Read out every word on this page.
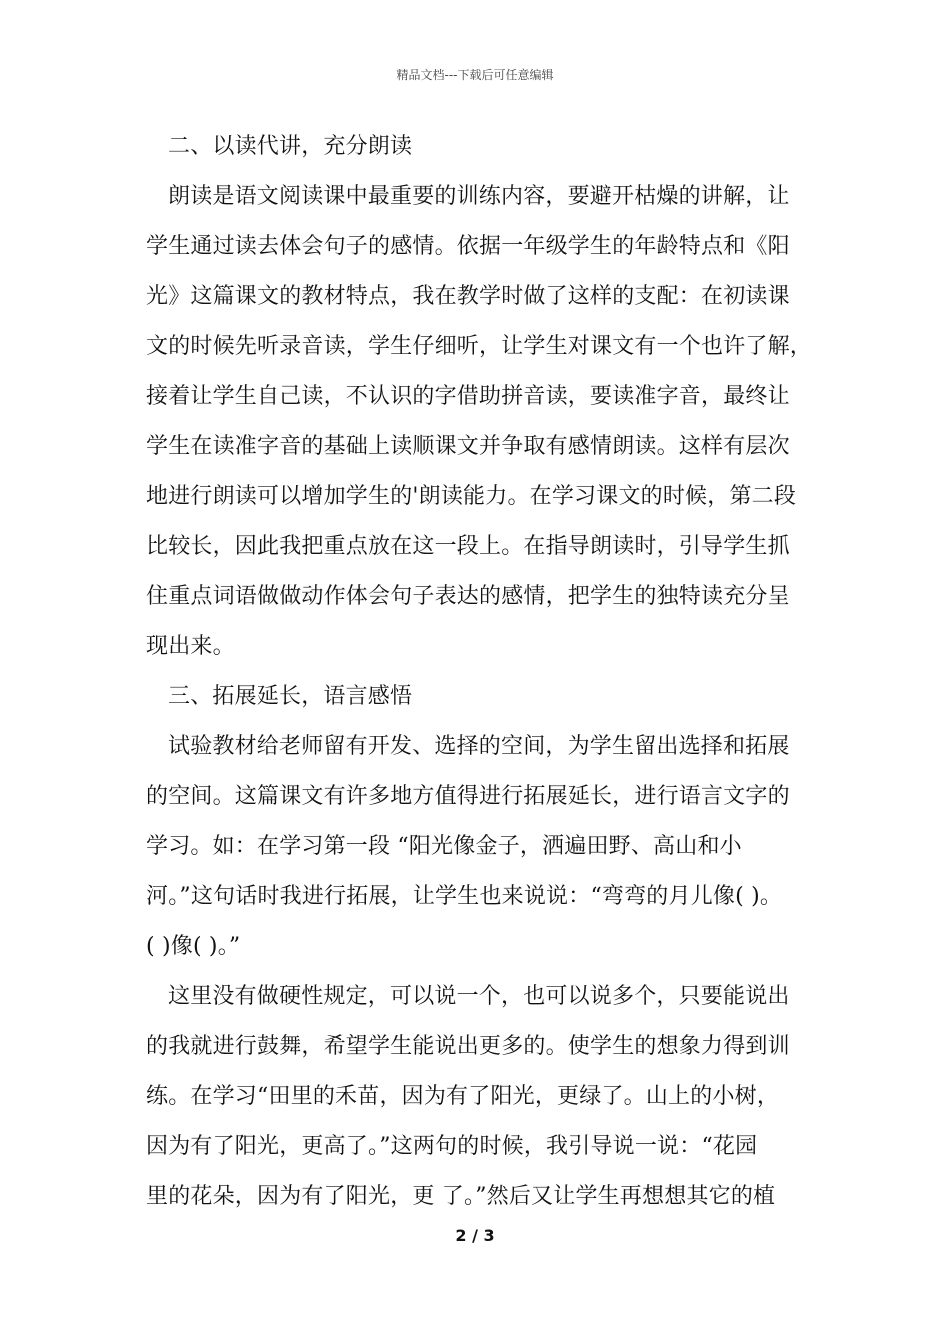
精品文档---下载后可任意编辑
二、以读代讲，充分朗读
朗读是语文阅读课中最重要的训练内容，要避开枯燥的讲解，让
学生通过读去体会句子的感情。依据一年级学生的年龄特点和《阳
光》这篇课文的教材特点，我在教学时做了这样的支配：在初读课
文的时候先听录音读，学生仔细听，让学生对课文有一个也许了解，
接着让学生自己读，不认识的字借助拼音读，要读准字音，最终让
学生在读准字音的基础上读顺课文并争取有感情朗读。这样有层次
地进行朗读可以增加学生的'朗读能力。在学习课文的时候，第二段
比较长，因此我把重点放在这一段上。在指导朗读时，引导学生抓
住重点词语做做动作体会句子表达的感情，把学生的独特读充分呈
现出来。
三、拓展延长，语言感悟
试验教材给老师留有开发、选择的空间，为学生留出选择和拓展
的空间。这篇课文有许多地方值得进行拓展延长，进行语言文字的
学习。如：在学习第一段 “阳光像金子，洒遍田野、高山和小
河。”这句话时我进行拓展，让学生也来说说：“弯弯的月儿像( )。
( )像( )。”
这里没有做硬性规定，可以说一个，也可以说多个，只要能说出
的我就进行鼓舞，希望学生能说出更多的。使学生的想象力得到训
练。在学习“田里的禾苗，因为有了阳光，更绿了。山上的小树，
因为有了阳光，更高了。”这两句的时候，我引导说一说：“花园
里的花朵，因为有了阳光，更 了。”然后又让学生再想想其它的植
2 / 3
